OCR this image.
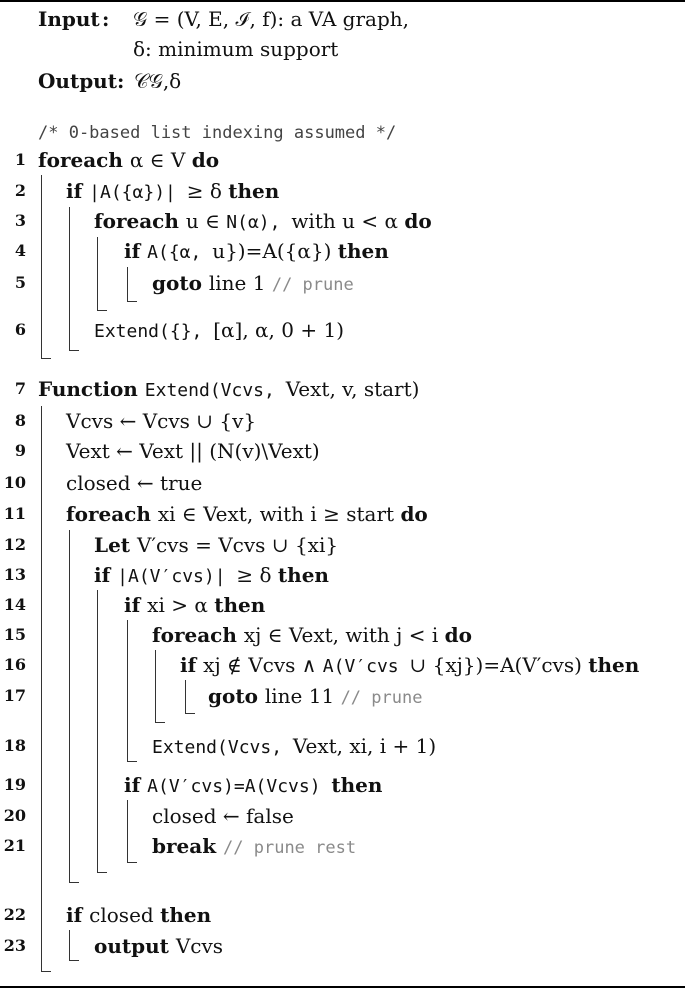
Input : 𝒢 = (V, E, ℐ, f): a VA graph,
δ: minimum support
Output: 𝒞𝒢,δ
/* 0-based list indexing assumed */
1 foreach α ∈ V do
2 if |A({α})| ≥ δ then
3	foreach u ∈ N(α), with u < α do
4	if A({α, u})=A({α}) then
5	goto line 1 // prune
6	Extend({}, [α], α, 0 + 1)
7 Function Extend(Vcvs, Vext, v, start)
8 Vcvs ← Vcvs ∪ {v}
9 Vext ← Vext || (N(v)\Vext)
10 closed ← true
11 foreach xi ∈ Vext, with i ≥ start do
12	Let V′cvs = Vcvs ∪ {xi}
13	if |A(V′cvs)| ≥ δ then
14	if xi > α then
15	foreach xj ∈ Vext, with j < i do
16	if xj ∉ Vcvs ∧ A(V′cvs ∪ {xj})=A(V′cvs) then
17	goto line 11 // prune
18	Extend(Vcvs, Vext, xi, i + 1)
19	if A(V′cvs)=A(Vcvs) then
20	closed ← false
21	break // prune rest
22 if closed then
23	output Vcvs
